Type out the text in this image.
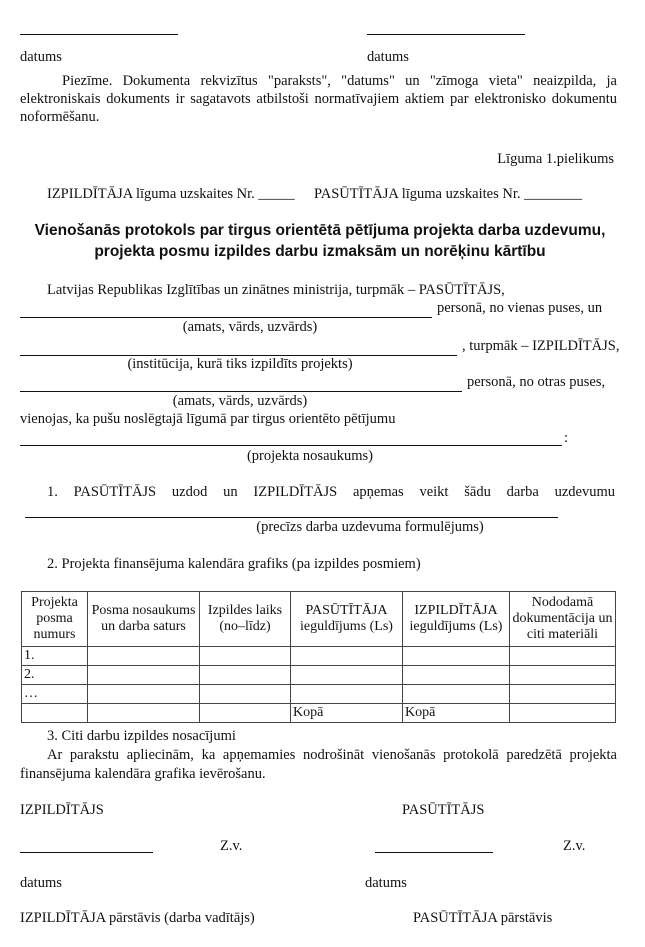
datums	datums
Piezīme. Dokumenta rekvizītus "paraksts", "datums" un "zīmoga vieta" neaizpilda, ja elektroniskais dokuments ir sagatavots atbilstoši normatīvajiem aktiem par elektronisko dokumentu noformēšanu.
Līguma 1.pielikums
IZPILDĪTĀJA līguma uzskaites Nr. _____ PASŪTĪTĀJA līguma uzskaites Nr. ________
Vienošanās protokols par tirgus orientētā pētījuma projekta darba uzdevumu, projekta posmu izpildes darbu izmaksām un norēķinu kārtību
Latvijas Republikas Izglītības un zinātnes ministrija, turpmāk – PASŪTĪTĀJS,
personā, no vienas puses, un
(amats, vārds, uzvārds)
, turpmāk – IZPILDĪTĀJS,
(institūcija, kurā tiks izpildīts projekts)
personā, no otras puses,
(amats, vārds, uzvārds)
vienojas, ka pušu noslēgtajā līgumā par tirgus orientēto pētījumu
:
(projekta nosaukums)
1. PASŪTĪTĀJS uzdod un IZPILDĪTĀJS apņemas veikt šādu darba uzdevumu
(precīzs darba uzdevuma formulējums)
2. Projekta finansējuma kalendāra grafiks (pa izpildes posmiem)
Projekta posma numurs	Posma nosaukums un darba saturs	Izpildes laiks (no–līdz)	PASŪTĪTĀJA ieguldījums (Ls)	IZPILDĪTĀJA ieguldījums (Ls)	Nododamā dokumentācija un citi materiāli
1.					
2.					
…					
			Kopā	Kopā	
3. Citi darbu izpildes nosacījumi
Ar parakstu apliecinām, ka apņemamies nodrošināt vienošanās protokolā paredzētā projekta finansējuma kalendāra grafika ievērošanu.
IZPILDĪTĀJS	PASŪTĪTĀJS
Z.v.	Z.v.
datums	datums
IZPILDĪTĀJA pārstāvis (darba vadītājs)	PASŪTĪTĀJA pārstāvis
